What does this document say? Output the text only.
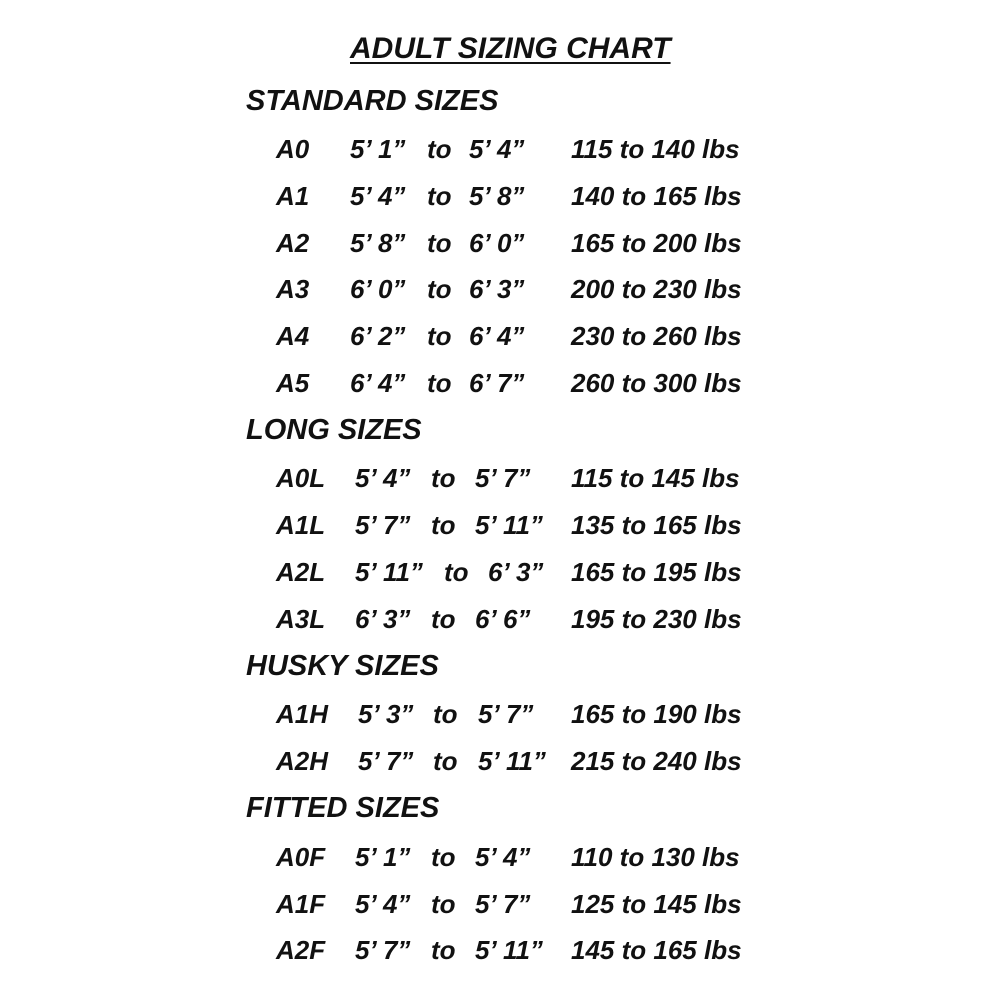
ADULT SIZING CHART
STANDARD SIZES
A0 5’ 1” to 5’ 4” 115 to 140 lbs
A1 5’ 4” to 5’ 8” 140 to 165 lbs
A2 5’ 8” to 6’ 0” 165 to 200 lbs
A3 6’ 0” to 6’ 3” 200 to 230 lbs
A4 6’ 2” to 6’ 4” 230 to 260 lbs
A5 6’ 4” to 6’ 7” 260 to 300 lbs
LONG SIZES
A0L 5’ 4” to 5’ 7” 115 to 145 lbs
A1L 5’ 7” to 5’ 11” 135 to 165 lbs
A2L 5’ 11” to 6’ 3” 165 to 195 lbs
A3L 6’ 3” to 6’ 6” 195 to 230 lbs
HUSKY SIZES
A1H 5’ 3” to 5’ 7” 165 to 190 lbs
A2H 5’ 7” to 5’ 11” 215 to 240 lbs
FITTED SIZES
A0F 5’ 1” to 5’ 4” 110 to 130 lbs
A1F 5’ 4” to 5’ 7” 125 to 145 lbs
A2F 5’ 7” to 5’ 11” 145 to 165 lbs
